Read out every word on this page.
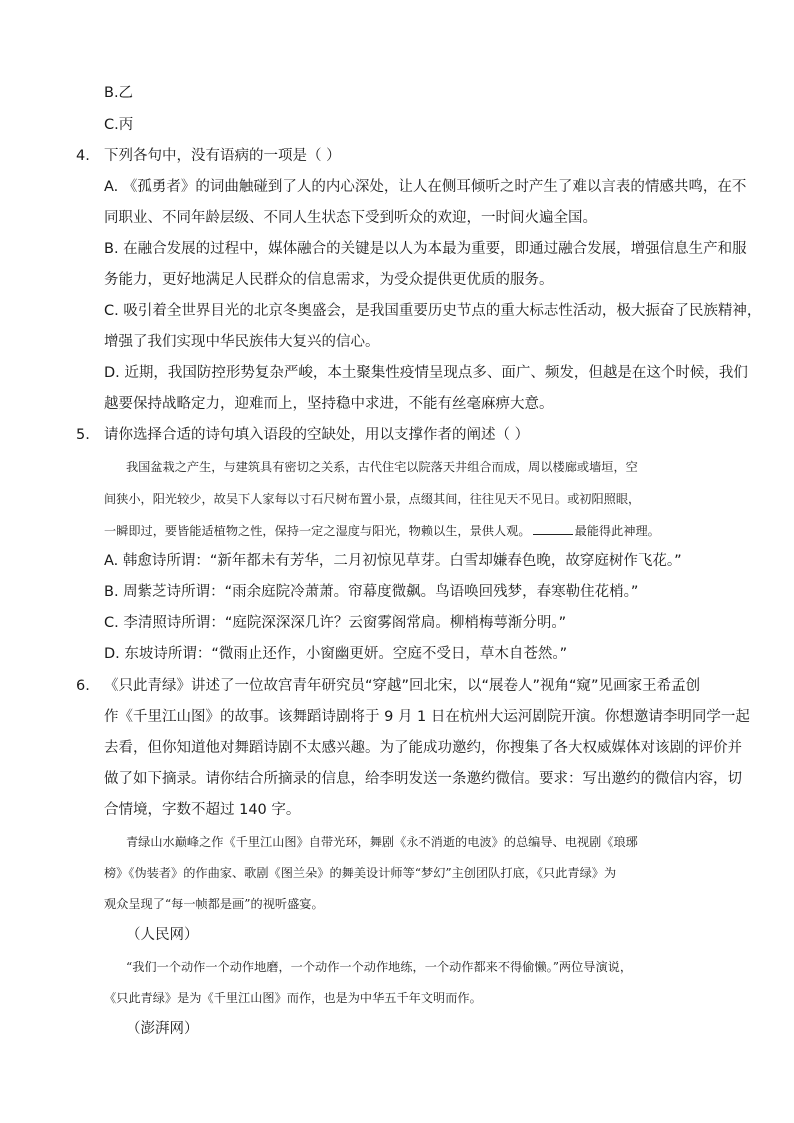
B.乙
C.丙
4. 下列各句中，没有语病的一项是（ ）
A. 《孤勇者》的词曲触碰到了人的内心深处，让人在侧耳倾听之时产生了难以言表的情感共鸣，在不
同职业、不同年龄层级、不同人生状态下受到听众的欢迎，一时间火遍全国。
B. 在融合发展的过程中，媒体融合的关键是以人为本最为重要，即通过融合发展，增强信息生产和服
务能力，更好地满足人民群众的信息需求，为受众提供更优质的服务。
C. 吸引着全世界目光的北京冬奥盛会，是我国重要历史节点的重大标志性活动，极大振奋了民族精神，
增强了我们实现中华民族伟大复兴的信心。
D. 近期，我国防控形势复杂严峻，本土聚集性疫情呈现点多、面广、频发，但越是在这个时候，我们
越要保持战略定力，迎难而上，坚持稳中求进，不能有丝毫麻痹大意。
5. 请你选择合适的诗句填入语段的空缺处，用以支撑作者的阐述（ ）
我国盆栽之产生，与建筑具有密切之关系，古代住宅以院落天井组合而成，周以楼廊或墙垣，空
间狭小，阳光较少，故吴下人家每以寸石尺树布置小景，点缀其间，往往见天不见日。或初阳照眼，
一瞬即过，要皆能适植物之性，保持一定之湿度与阳光，物赖以生，景供人观。	最能得此神理。
A. 韩愈诗所谓：“新年都未有芳华，二月初惊见草芽。白雪却嫌春色晚，故穿庭树作飞花。”
B. 周紫芝诗所谓：“雨余庭院冷萧萧。帘幕度微飙。鸟语唤回残梦，春寒勒住花梢。”
C. 李清照诗所谓：“庭院深深深几许？云窗雾阁常扃。柳梢梅萼渐分明。”
D. 东坡诗所谓：“微雨止还作，小窗幽更妍。空庭不受日，草木自苍然。”
6. 《只此青绿》讲述了一位故宫青年研究员“穿越”回北宋，以“展卷人”视角“窥”见画家王希孟创
作《千里江山图》的故事。该舞蹈诗剧将于 9 月 1 日在杭州大运河剧院开演。你想邀请李明同学一起
去看，但你知道他对舞蹈诗剧不太感兴趣。为了能成功邀约，你搜集了各大权威媒体对该剧的评价并
做了如下摘录。请你结合所摘录的信息，给李明发送一条邀约微信。要求：写出邀约的微信内容，切
合情境，字数不超过 140 字。
青绿山水巅峰之作《千里江山图》自带光环，舞剧《永不消逝的电波》的总编导、电视剧《琅琊
榜》《伪装者》的作曲家、歌剧《图兰朵》的舞美设计师等“梦幻”主创团队打底，《只此青绿》为
观众呈现了“每一帧都是画”的视听盛宴。
（人民网）
“我们一个动作一个动作地磨，一个动作一个动作地练，一个动作都来不得偷懒。”两位导演说，
《只此青绿》是为《千里江山图》而作，也是为中华五千年文明而作。
（澎湃网）
